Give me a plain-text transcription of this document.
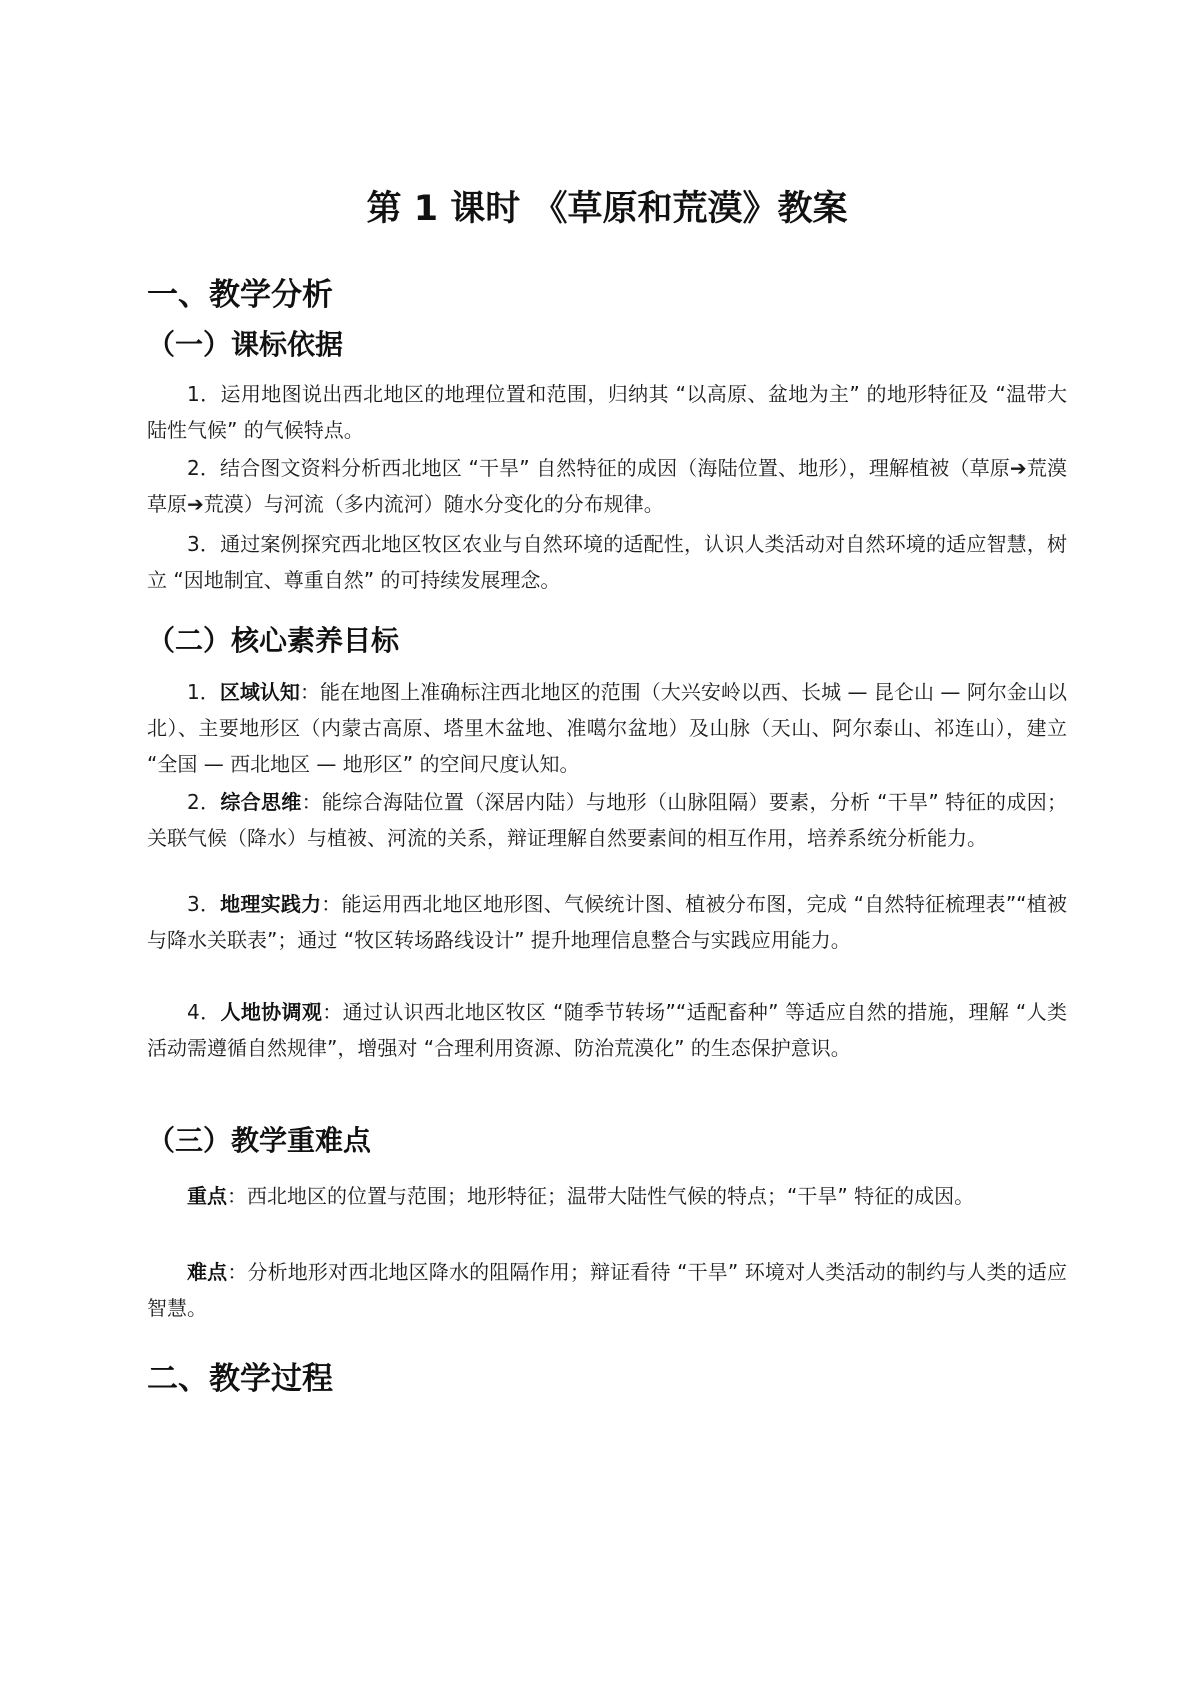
第 1 课时 《草原和荒漠》教案
一、教学分析
（一）课标依据

1．运用地图说出西北地区的地理位置和范围，归纳其 “以高原、盆地为主” 的地形特征及 “温带大陆性气候” 的气候特点。

2．结合图文资料分析西北地区 “干旱” 自然特征的成因（海陆位置、地形），理解植被（草原➔荒漠草原➔荒漠）与河流（多内流河）随水分变化的分布规律。

3．通过案例探究西北地区牧区农业与自然环境的适配性，认识人类活动对自然环境的适应智慧，树立 “因地制宜、尊重自然” 的可持续发展理念。

（二）核心素养目标

1．区域认知：能在地图上准确标注西北地区的范围（大兴安岭以西、长城 — 昆仑山 — 阿尔金山以北）、主要地形区（内蒙古高原、塔里木盆地、准噶尔盆地）及山脉（天山、阿尔泰山、祁连山），建立 “全国 — 西北地区 — 地形区” 的空间尺度认知。

2．综合思维：能综合海陆位置（深居内陆）与地形（山脉阻隔）要素，分析 “干旱” 特征的成因；关联气候（降水）与植被、河流的关系，辩证理解自然要素间的相互作用，培养系统分析能力。

3．地理实践力：能运用西北地区地形图、气候统计图、植被分布图，完成 “自然特征梳理表”“植被与降水关联表”；通过 “牧区转场路线设计” 提升地理信息整合与实践应用能力。

4．人地协调观：通过认识西北地区牧区 “随季节转场”“适配畜种” 等适应自然的措施，理解 “人类活动需遵循自然规律”，增强对 “合理利用资源、防治荒漠化” 的生态保护意识。

（三）教学重难点

重点：西北地区的位置与范围；地形特征；温带大陆性气候的特点；“干旱” 特征的成因。

难点：分析地形对西北地区降水的阻隔作用；辩证看待 “干旱” 环境对人类活动的制约与人类的适应智慧。

二、教学过程
